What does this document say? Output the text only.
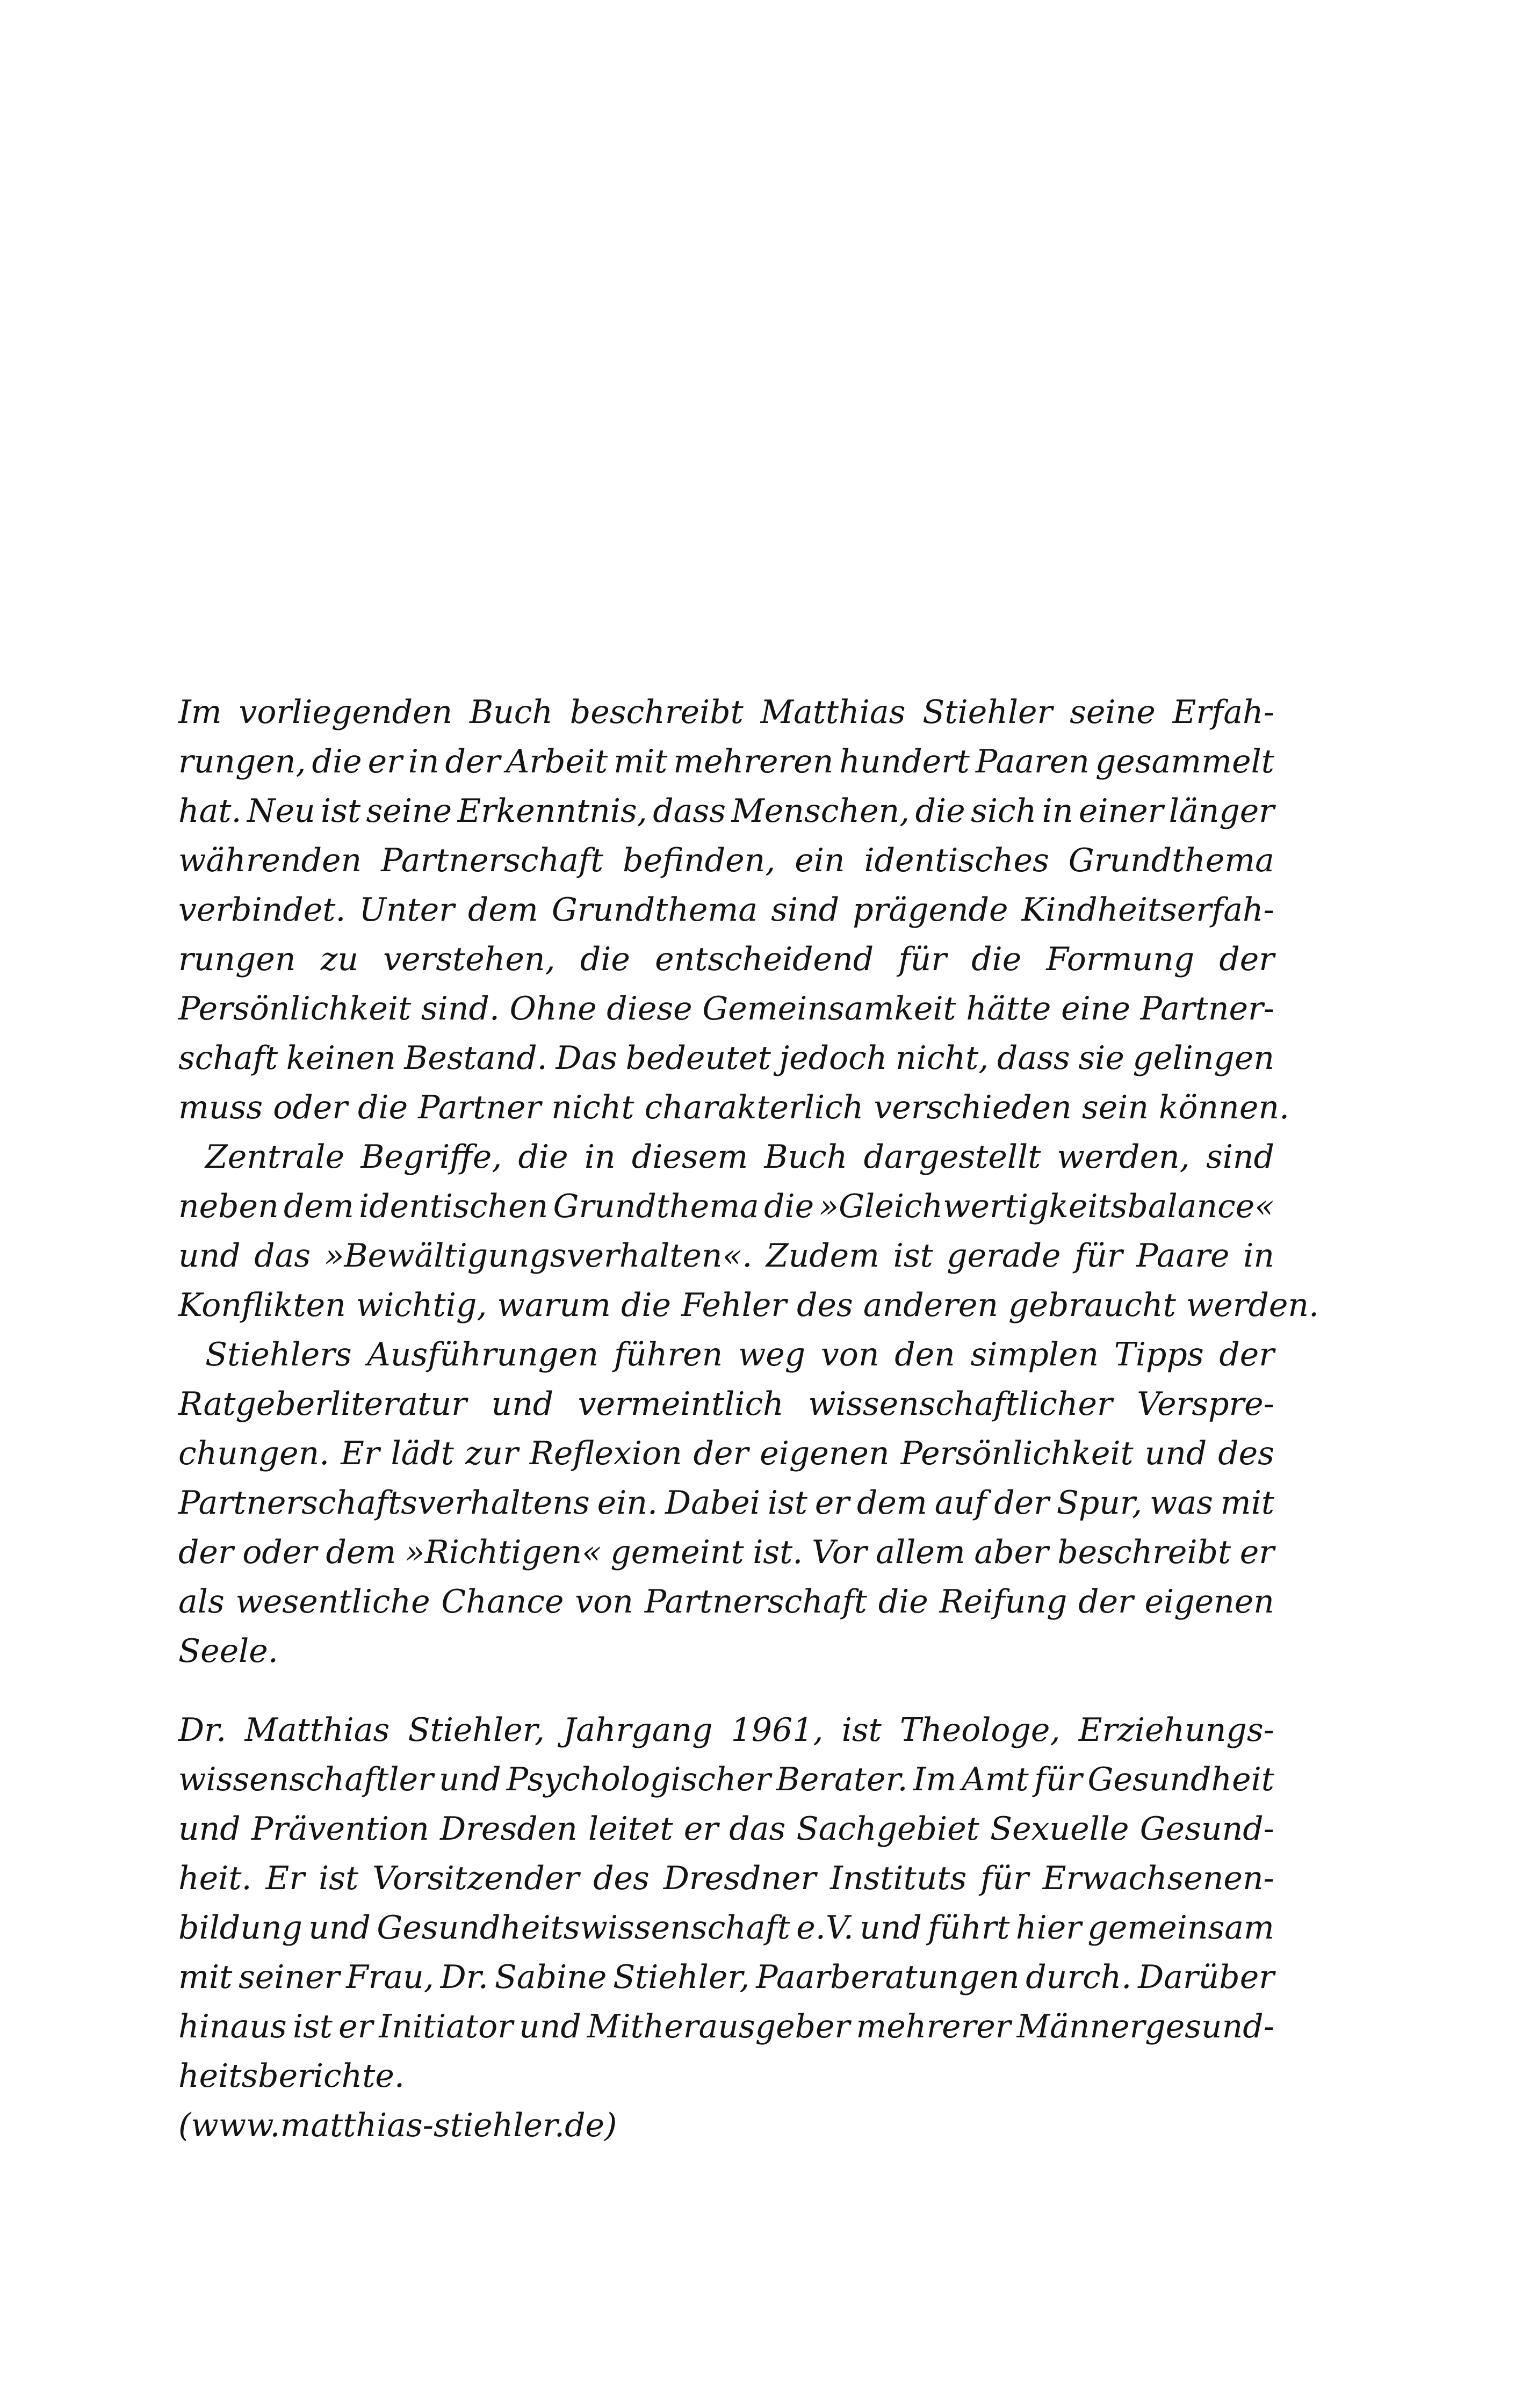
Im vorliegenden Buch beschreibt Matthias Stiehler seine Erfah-
rungen, die er in der Arbeit mit mehreren hundert Paaren gesammelt
hat. Neu ist seine Erkenntnis, dass Menschen, die sich in einer länger
währenden Partnerschaft befinden, ein identisches Grundthema
verbindet. Unter dem Grundthema sind prägende Kindheitserfah-
rungen zu verstehen, die entscheidend für die Formung der
Persönlichkeit sind. Ohne diese Gemeinsamkeit hätte eine Partner-
schaft keinen Bestand. Das bedeutet jedoch nicht, dass sie gelingen
muss oder die Partner nicht charakterlich verschieden sein können.
Zentrale Begriffe, die in diesem Buch dargestellt werden, sind
neben dem identischen Grundthema die »Gleichwertigkeitsbalance«
und das »Bewältigungsverhalten«. Zudem ist gerade für Paare in
Konflikten wichtig, warum die Fehler des anderen gebraucht werden.
Stiehlers Ausführungen führen weg von den simplen Tipps der
Ratgeberliteratur und vermeintlich wissenschaftlicher Verspre-
chungen. Er lädt zur Reflexion der eigenen Persönlichkeit und des
Partnerschaftsverhaltens ein. Dabei ist er dem auf der Spur, was mit
der oder dem »Richtigen« gemeint ist. Vor allem aber beschreibt er
als wesentliche Chance von Partnerschaft die Reifung der eigenen
Seele.
Dr. Matthias Stiehler, Jahrgang 1961, ist Theologe, Erziehungs-
wissenschaftler und Psychologischer Berater. Im Amt für Gesundheit
und Prävention Dresden leitet er das Sachgebiet Sexuelle Gesund-
heit. Er ist Vorsitzender des Dresdner Instituts für Erwachsenen-
bildung und Gesundheitswissenschaft e.V. und führt hier gemeinsam
mit seiner Frau, Dr. Sabine Stiehler, Paarberatungen durch. Darüber
hinaus ist er Initiator und Mitherausgeber mehrerer Männergesund-
heitsberichte.
(www.matthias-stiehler.de)
